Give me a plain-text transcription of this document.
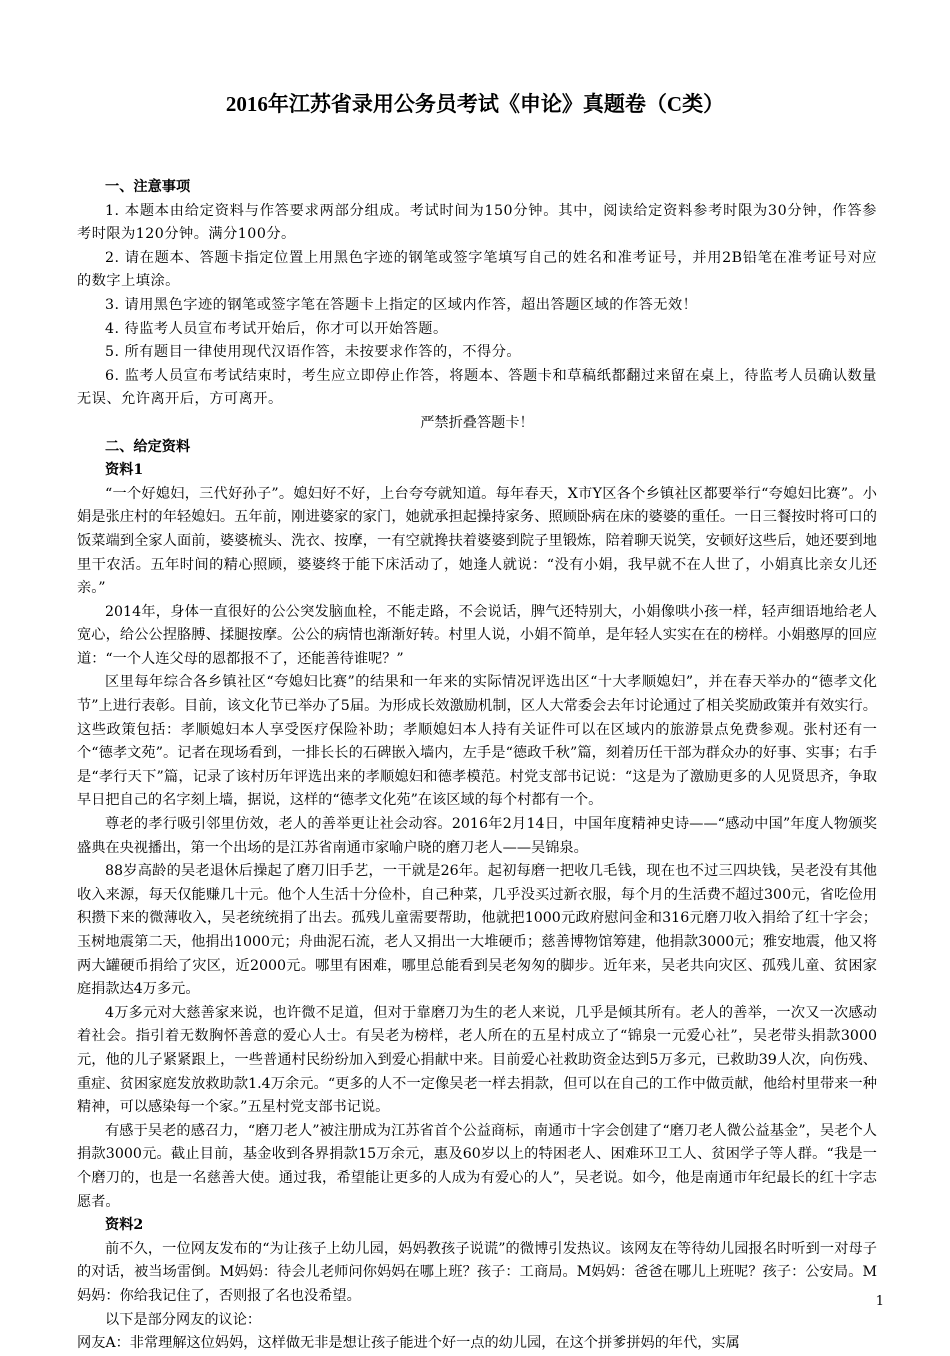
2016年江苏省录用公务员考试《申论》真题卷（C类）

一、注意事项

1. 本题本由给定资料与作答要求两部分组成。考试时间为150分钟。其中，阅读给定资料参考时限为30分钟，作答参考时限为120分钟。满分100分。

2. 请在题本、答题卡指定位置上用黑色字迹的钢笔或签字笔填写自己的姓名和准考证号，并用2B铅笔在准考证号对应的数字上填涂。

3. 请用黑色字迹的钢笔或签字笔在答题卡上指定的区域内作答，超出答题区域的作答无效！

4. 待监考人员宣布考试开始后，你才可以开始答题。

5. 所有题目一律使用现代汉语作答，未按要求作答的，不得分。

6. 监考人员宣布考试结束时，考生应立即停止作答，将题本、答题卡和草稿纸都翻过来留在桌上，待监考人员确认数量无误、允许离开后，方可离开。

严禁折叠答题卡！

二、给定资料

资料1

“一个好媳妇，三代好孙子”。媳妇好不好，上台夸夸就知道。每年春天，X市Y区各个乡镇社区都要举行“夸媳妇比赛”。小娟是张庄村的年轻媳妇。五年前，刚进婆家的家门，她就承担起操持家务、照顾卧病在床的婆婆的重任。一日三餐按时将可口的饭菜端到全家人面前，婆婆梳头、洗衣、按摩，一有空就搀扶着婆婆到院子里锻炼，陪着聊天说笑，安顿好这些后，她还要到地里干农活。五年时间的精心照顾，婆婆终于能下床活动了，她逢人就说：“没有小娟，我早就不在人世了，小娟真比亲女儿还亲。”

2014年，身体一直很好的公公突发脑血栓，不能走路，不会说话，脾气还特别大，小娟像哄小孩一样，轻声细语地给老人宽心，给公公捏胳膊、揉腿按摩。公公的病情也渐渐好转。村里人说，小娟不简单，是年轻人实实在在的榜样。小娟憨厚的回应道：“一个人连父母的恩都报不了，还能善待谁呢？”

区里每年综合各乡镇社区“夸媳妇比赛”的结果和一年来的实际情况评选出区“十大孝顺媳妇”，并在春天举办的“德孝文化节”上进行表彰。目前，该文化节已举办了5届。为形成长效激励机制，区人大常委会去年讨论通过了相关奖励政策并有效实行。这些政策包括：孝顺媳妇本人享受医疗保险补助；孝顺媳妇本人持有关证件可以在区域内的旅游景点免费参观。张村还有一个“德孝文苑”。记者在现场看到，一排长长的石碑嵌入墙内，左手是“德政千秋”篇，刻着历任干部为群众办的好事、实事；右手是“孝行天下”篇，记录了该村历年评选出来的孝顺媳妇和德孝模范。村党支部书记说：“这是为了激励更多的人见贤思齐，争取早日把自己的名字刻上墙，据说，这样的“德孝文化苑”在该区域的每个村都有一个。

尊老的孝行吸引邻里仿效，老人的善举更让社会动容。2016年2月14日，中国年度精神史诗——“感动中国”年度人物颁奖盛典在央视播出，第一个出场的是江苏省南通市家喻户晓的磨刀老人——吴锦泉。

88岁高龄的吴老退休后操起了磨刀旧手艺，一干就是26年。起初每磨一把收几毛钱，现在也不过三四块钱，吴老没有其他收入来源，每天仅能赚几十元。他个人生活十分俭朴，自己种菜，几乎没买过新衣服，每个月的生活费不超过300元，省吃俭用积攒下来的微薄收入，吴老统统捐了出去。孤残儿童需要帮助，他就把1000元政府慰问金和316元磨刀收入捐给了红十字会；玉树地震第二天，他捐出1000元；舟曲泥石流，老人又捐出一大堆硬币；慈善博物馆筹建，他捐款3000元；雅安地震，他又将两大罐硬币捐给了灾区，近2000元。哪里有困难，哪里总能看到吴老匆匆的脚步。近年来，吴老共向灾区、孤残儿童、贫困家庭捐款达4万多元。

4万多元对大慈善家来说，也许微不足道，但对于靠磨刀为生的老人来说，几乎是倾其所有。老人的善举，一次又一次感动着社会。指引着无数胸怀善意的爱心人士。有吴老为榜样，老人所在的五星村成立了“锦泉一元爱心社”，吴老带头捐款3000元，他的儿子紧紧跟上，一些普通村民纷纷加入到爱心捐献中来。目前爱心社救助资金达到5万多元，已救助39人次，向伤残、重症、贫困家庭发放救助款1.4万余元。“更多的人不一定像吴老一样去捐款，但可以在自己的工作中做贡献，他给村里带来一种精神，可以感染每一个家。”五星村党支部书记说。

有感于吴老的感召力，“磨刀老人”被注册成为江苏省首个公益商标，南通市十字会创建了“磨刀老人微公益基金”，吴老个人捐款3000元。截止目前，基金收到各界捐款15万余元，惠及60岁以上的特困老人、困难环卫工人、贫困学子等人群。“我是一个磨刀的，也是一名慈善大使。通过我，希望能让更多的人成为有爱心的人”，吴老说。如今，他是南通市年纪最长的红十字志愿者。

资料2

前不久，一位网友发布的“为让孩子上幼儿园，妈妈教孩子说谎”的微博引发热议。该网友在等待幼儿园报名时听到一对母子的对话，被当场雷倒。M妈妈：待会儿老师问你妈妈在哪上班？孩子：工商局。M妈妈：爸爸在哪儿上班呢？孩子：公安局。M妈妈：你给我记住了，否则报了名也没希望。

以下是部分网友的议论：

网友A：非常理解这位妈妈，这样做无非是想让孩子能进个好一点的幼儿园，在这个拼爹拼妈的年代，实属

1
